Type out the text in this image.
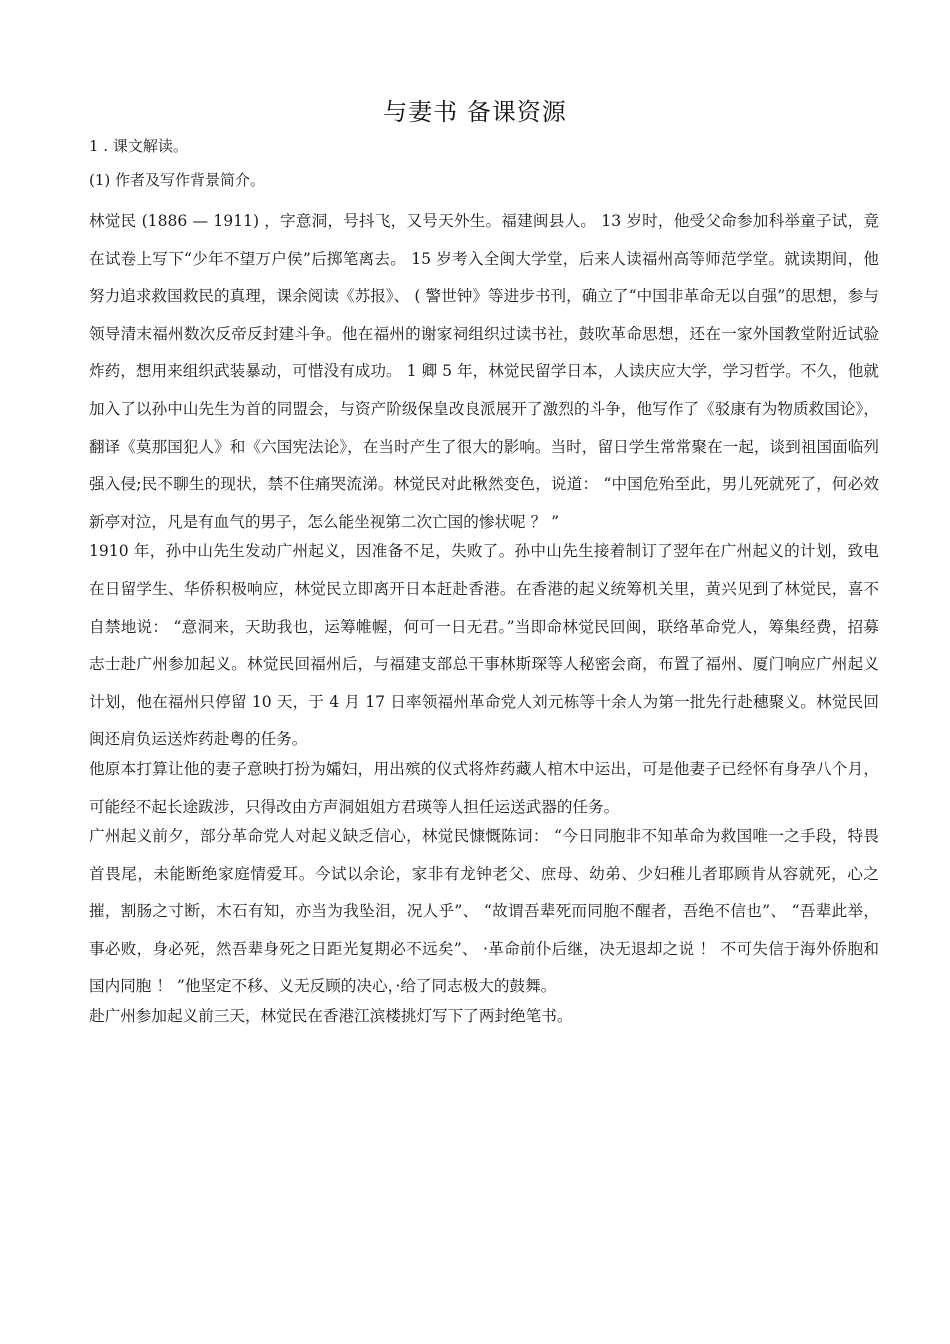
与妻书 备课资源

1 . 课文解读。

(1) 作者及写作背景简介。

林觉民 (1886 — 1911) ，字意洞，号抖飞，又号天外生。福建闽县人。 13 岁时，他受父命参加科举童子试，竟在试卷上写下“少年不望万户侯”后掷笔离去。 15 岁考入全闽大学堂，后来人读福州高等师范学堂。就读期间，他努力追求救国救民的真理，课余阅读《苏报》、 ( 警世钟》等进步书刊，确立了“中国非革命无以自强”的思想，参与领导清末福州数次反帝反封建斗争。他在福州的谢家祠组织过读书社，鼓吹革命思想，还在一家外国教堂附近试验炸药，想用来组织武装暴动，可惜没有成功。 1 卿 5 年，林觉民留学日本，人读庆应大学，学习哲学。不久，他就加入了以孙中山先生为首的同盟会，与资产阶级保皇改良派展开了激烈的斗争，他写作了《驳康有为物质救国论》，翻译《莫那国犯人》和《六国宪法论》，在当时产生了很大的影响。当时，留日学生常常聚在一起，谈到祖国面临列强入侵;民不聊生的现状，禁不住痛哭流涕。林觉民对此楸然变色，说道： “中国危殆至此，男儿死就死了，何必效新亭对泣，凡是有血气的男子，怎么能坐视第二次亡国的惨状呢 ？ ”

1910 年，孙中山先生发动广州起义，因准备不足，失败了。孙中山先生接着制订了翌年在广州起义的计划，致电在日留学生、华侨积极响应，林觉民立即离开日本赶赴香港。在香港的起义统筹机关里，黄兴见到了林觉民，喜不自禁地说： “意洞来，天助我也，运筹帷幄，何可一日无君。”当即命林觉民回闽，联络革命党人，筹集经费，招募志士赴广州参加起义。林觉民回福州后，与福建支部总干事林斯琛等人秘密会商，布置了福州、厦门响应广州起义计划，他在福州只停留 10 天，于 4 月 17 日率领福州革命党人刘元栋等十余人为第一批先行赴穗聚义。林觉民回闽还肩负运送炸药赴粤的任务。

他原本打算让他的妻子意映打扮为孀妇，用出殡的仪式将炸药藏人棺木中运出，可是他妻子已经怀有身孕八个月，可能经不起长途跋涉，只得改由方声洞姐姐方君瑛等人担任运送武器的任务。

广州起义前夕，部分革命党人对起义缺乏信心，林觉民慷慨陈词： “今日同胞非不知革命为救国唯一之手段，特畏首畏尾，未能断绝家庭情爱耳。今试以余论，家非有龙钟老父、庶母、幼弟、少妇稚儿者耶顾肯从容就死，心之摧，割肠之寸断，木石有知，亦当为我坠泪，况人乎”、 “故谓吾辈死而同胞不醒者，吾绝不信也”、 “吾辈此举，事必败，身必死，然吾辈身死之日距光复期必不远矣”、 ·革命前仆后继，决无退却之说 ！ 不可失信于海外侨胞和国内同胞 ！ ”他坚定不移、义无反顾的决心，·给了同志极大的鼓舞。

赴广州参加起义前三天，林觉民在香港江滨楼挑灯写下了两封绝笔书。
